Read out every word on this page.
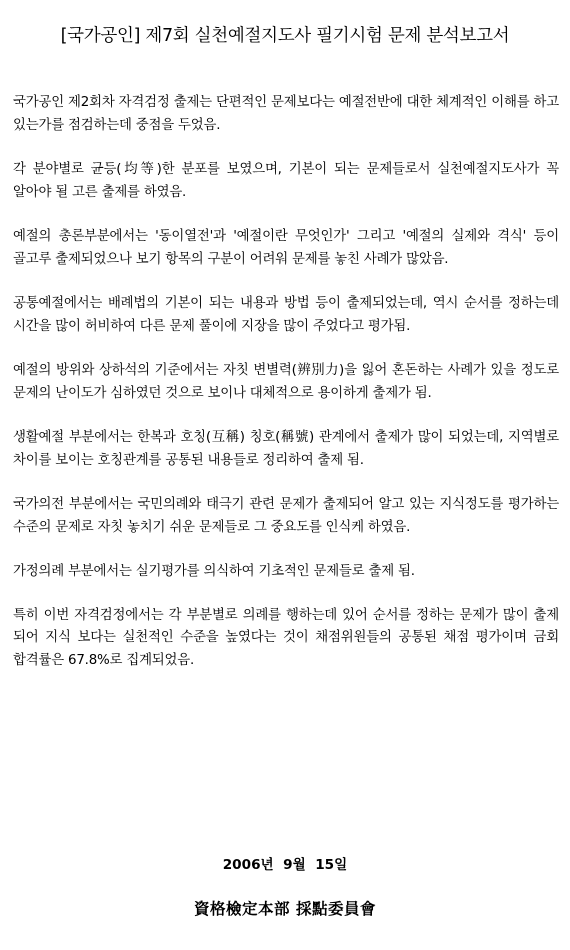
[국가공인] 제7회 실천예절지도사 필기시험 문제 분석보고서

국가공인 제2회차 자격검정 출제는 단편적인 문제보다는 예절전반에 대한 체계적인 이해를 하고 있는가를 점검하는데 중점을 두었음.

각 분야별로 균등(均等)한 분포를 보였으며, 기본이 되는 문제들로서 실천예절지도사가 꼭 알아야 될 고른 출제를 하였음.

예절의 총론부분에서는 '동이열전'과 '예절이란 무엇인가' 그리고 '예절의 실제와 격식' 등이 골고루 출제되었으나 보기 항목의 구분이 어려워 문제를 놓친 사례가 많았음.

공통예절에서는 배례법의 기본이 되는 내용과 방법 등이 출제되었는데, 역시 순서를 정하는데 시간을 많이 허비하여 다른 문제 풀이에 지장을 많이 주었다고 평가됨.

예절의 방위와 상하석의 기준에서는 자칫 변별력(辨別力)을 잃어 혼돈하는 사례가 있을 정도로 문제의 난이도가 심하였던 것으로 보이나 대체적으로 용이하게 출제가 됨.

생활예절 부분에서는 한복과 호칭(互稱) 칭호(稱號) 관계에서 출제가 많이 되었는데, 지역별로 차이를 보이는 호칭관계를 공통된 내용들로 정리하여 출제 됨.

국가의전 부분에서는 국민의례와 태극기 관련 문제가 출제되어 알고 있는 지식정도를 평가하는 수준의 문제로 자칫 놓치기 쉬운 문제들로 그 중요도를 인식케 하였음.

가정의례 부분에서는 실기평가를 의식하여 기초적인 문제들로 출제 됨.

특히 이번 자격검정에서는 각 부분별로 의례를 행하는데 있어 순서를 정하는 문제가 많이 출제 되어 지식 보다는 실천적인 수준을 높였다는 것이 채점위원들의 공통된 채점 평가이며 금회 합격률은 67.8%로 집계되었음.

2006년  9월  15일

資格檢定本部 採點委員會
